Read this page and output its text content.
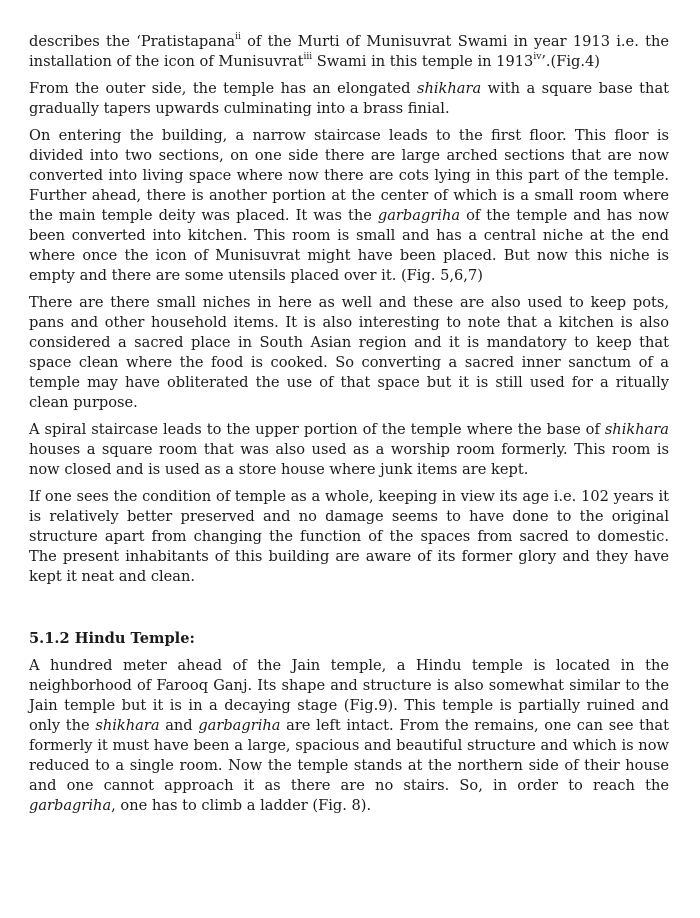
describes the ‘Pratistapana$^{ii}$ of the Murti of Munisuvrat Swami in year 1913 i.e. the installation of the icon of Munisuvrat$^{iii}$ Swami in this temple in 1913$^{iv}$’.(Fig.4)

From the outer side, the temple has an elongated shikhara with a square base that gradually tapers upwards culminating into a brass finial.

On entering the building, a narrow staircase leads to the first floor. This floor is divided into two sections, on one side there are large arched sections that are now converted into living space where now there are cots lying in this part of the temple. Further ahead, there is another portion at the center of which is a small room where the main temple deity was placed. It was the garbagriha of the temple and has now been converted into kitchen. This room is small and has a central niche at the end where once the icon of Munisuvrat might have been placed. But now this niche is empty and there are some utensils placed over it. (Fig. 5,6,7)

There are there small niches in here as well and these are also used to keep pots, pans and other household items. It is also interesting to note that a kitchen is also considered a sacred place in South Asian region and it is mandatory to keep that space clean where the food is cooked. So converting a sacred inner sanctum of a temple may have obliterated the use of that space but it is still used for a ritually clean purpose.

A spiral staircase leads to the upper portion of the temple where the base of shikhara houses a square room that was also used as a worship room formerly. This room is now closed and is used as a store house where junk items are kept.

If one sees the condition of temple as a whole, keeping in view its age i.e. 102 years it is relatively better preserved and no damage seems to have done to the original structure apart from changing the function of the spaces from sacred to domestic. The present inhabitants of this building are aware of its former glory and they have kept it neat and clean.

5.1.2 Hindu Temple:

A hundred meter ahead of the Jain temple, a Hindu temple is located in the neighborhood of Farooq Ganj. Its shape and structure is also somewhat similar to the Jain temple but it is in a decaying stage (Fig.9). This temple is partially ruined and only the shikhara and garbagriha are left intact. From the remains, one can see that formerly it must have been a large, spacious and beautiful structure and which is now reduced to a single room. Now the temple stands at the northern side of their house and one cannot approach it as there are no stairs. So, in order to reach the garbagriha, one has to climb a ladder (Fig. 8).
